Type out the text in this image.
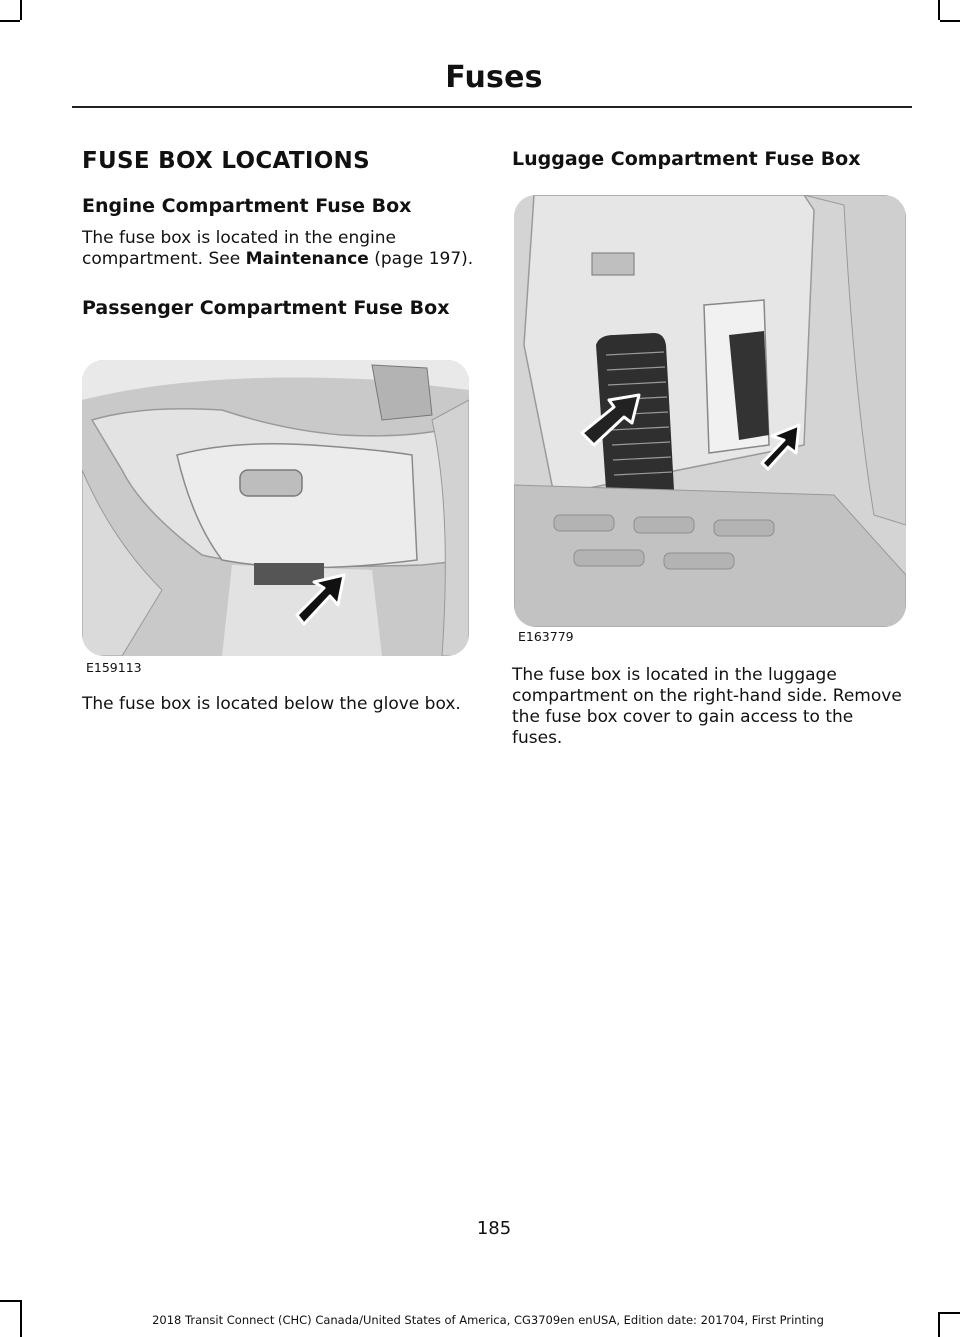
Fuses
FUSE BOX LOCATIONS
Engine Compartment Fuse Box

The fuse box is located in the engine compartment. See Maintenance (page 197).

Passenger Compartment Fuse Box
E159113

The fuse box is located below the glove box.

Luggage Compartment Fuse Box
E163779

The fuse box is located in the luggage compartment on the right-hand side. Remove the fuse box cover to gain access to the fuses.

185
2018 Transit Connect (CHC) Canada/United States of America, CG3709en enUSA, Edition date: 201704, First Printing
